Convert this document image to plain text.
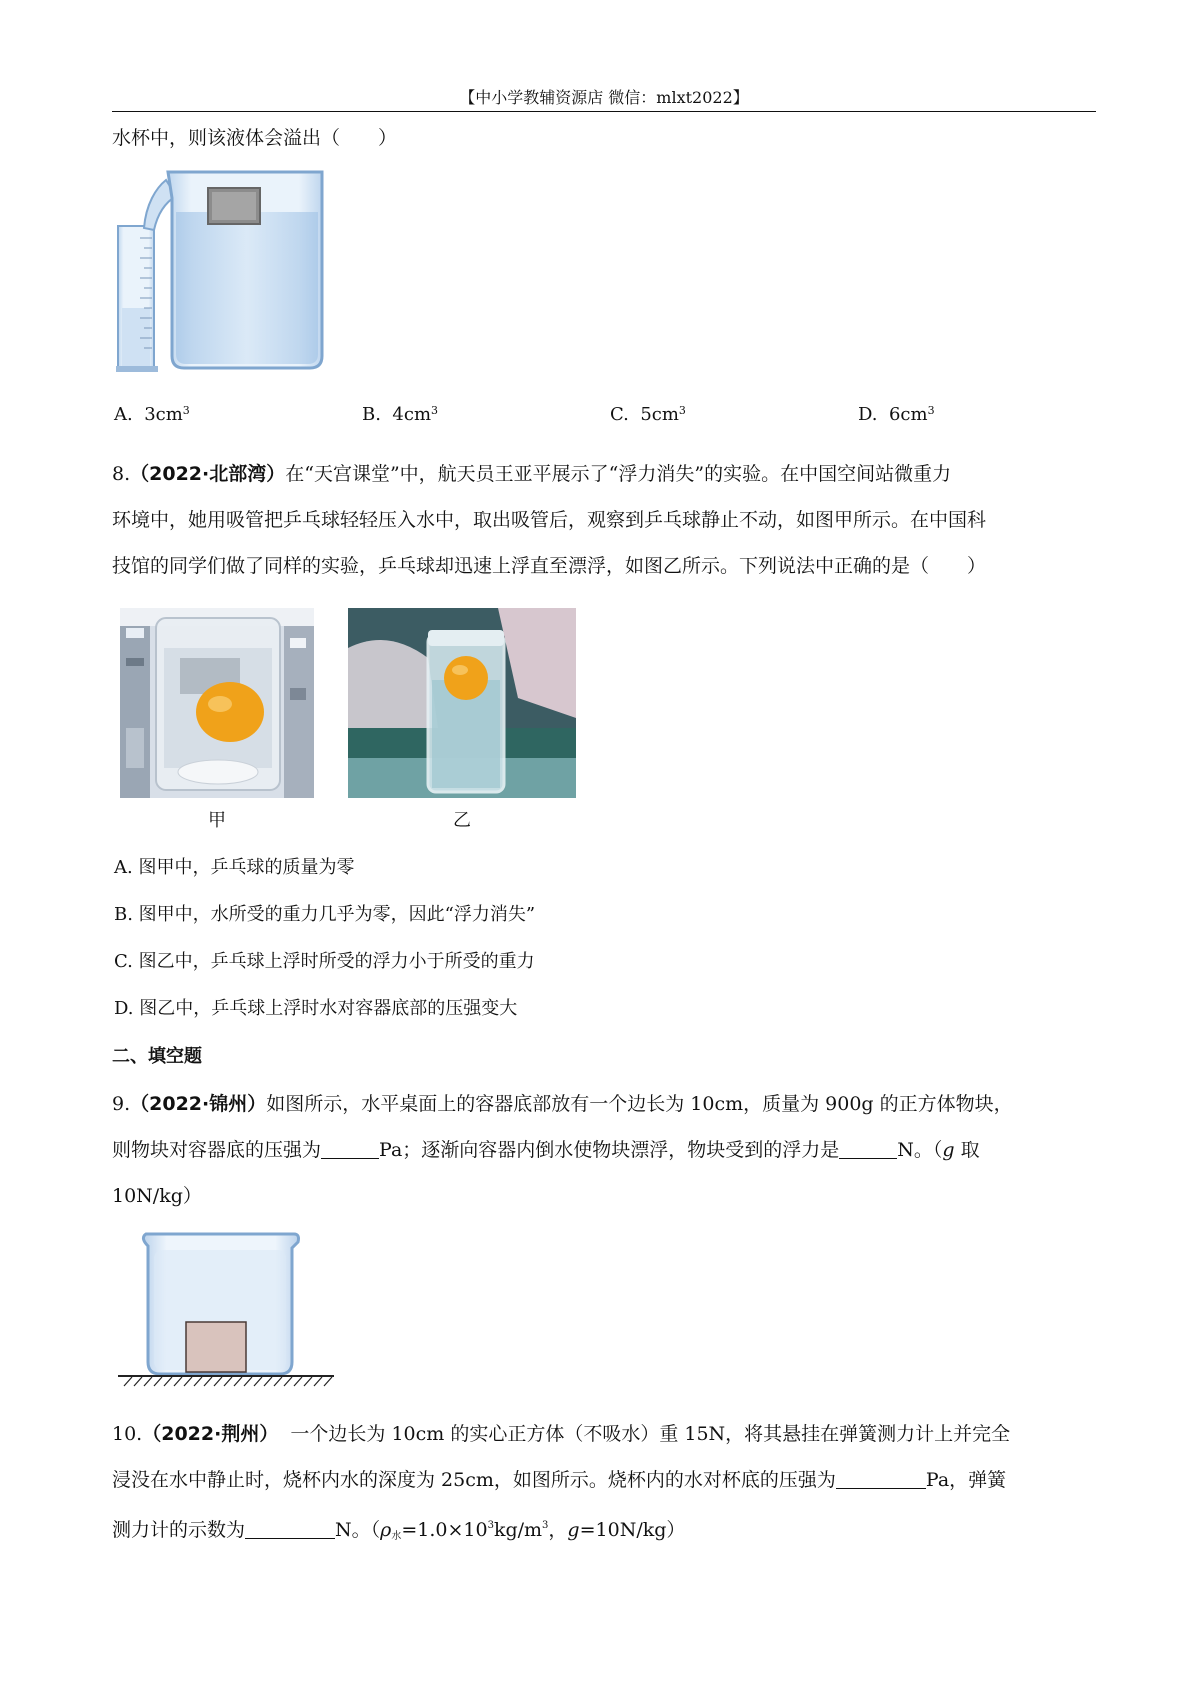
【中小学教辅资源店 微信：mlxt2022】
水杯中，则该液体会溢出（　　）
A. $3cm^3$	B. $4cm^3$	C. $5cm^3$	D. $6cm^3$
8.（2022·北部湾）在“天宫课堂”中，航天员王亚平展示了“浮力消失”的实验。在中国空间站微重力
环境中，她用吸管把乒乓球轻轻压入水中，取出吸管后，观察到乒乓球静止不动，如图甲所示。在中国科
技馆的同学们做了同样的实验，乒乓球却迅速上浮直至漂浮，如图乙所示。下列说法中正确的是（　　）
甲	乙
A. 图甲中，乒乓球的质量为零
B. 图甲中，水所受的重力几乎为零，因此“浮力消失”
C. 图乙中，乒乓球上浮时所受的浮力小于所受的重力
D. 图乙中，乒乓球上浮时水对容器底部的压强变大
二、填空题
9.（2022·锦州）如图所示，水平桌面上的容器底部放有一个边长为 10cm，质量为 900g 的正方体物块，
则物块对容器底的压强为	Pa；逐渐向容器内倒水使物块漂浮，物块受到的浮力是	N。（g 取
10N/kg）
10.（2022·荆州） 一个边长为 10cm 的实心正方体（不吸水）重 15N，将其悬挂在弹簧测力计上并完全
浸没在水中静止时，烧杯内水的深度为 25cm，如图所示。烧杯内的水对杯底的压强为	Pa，弹簧
测力计的示数为	N。（$\rho_水=1.0\times 10^3kg/m^3$，g=10N/kg）
